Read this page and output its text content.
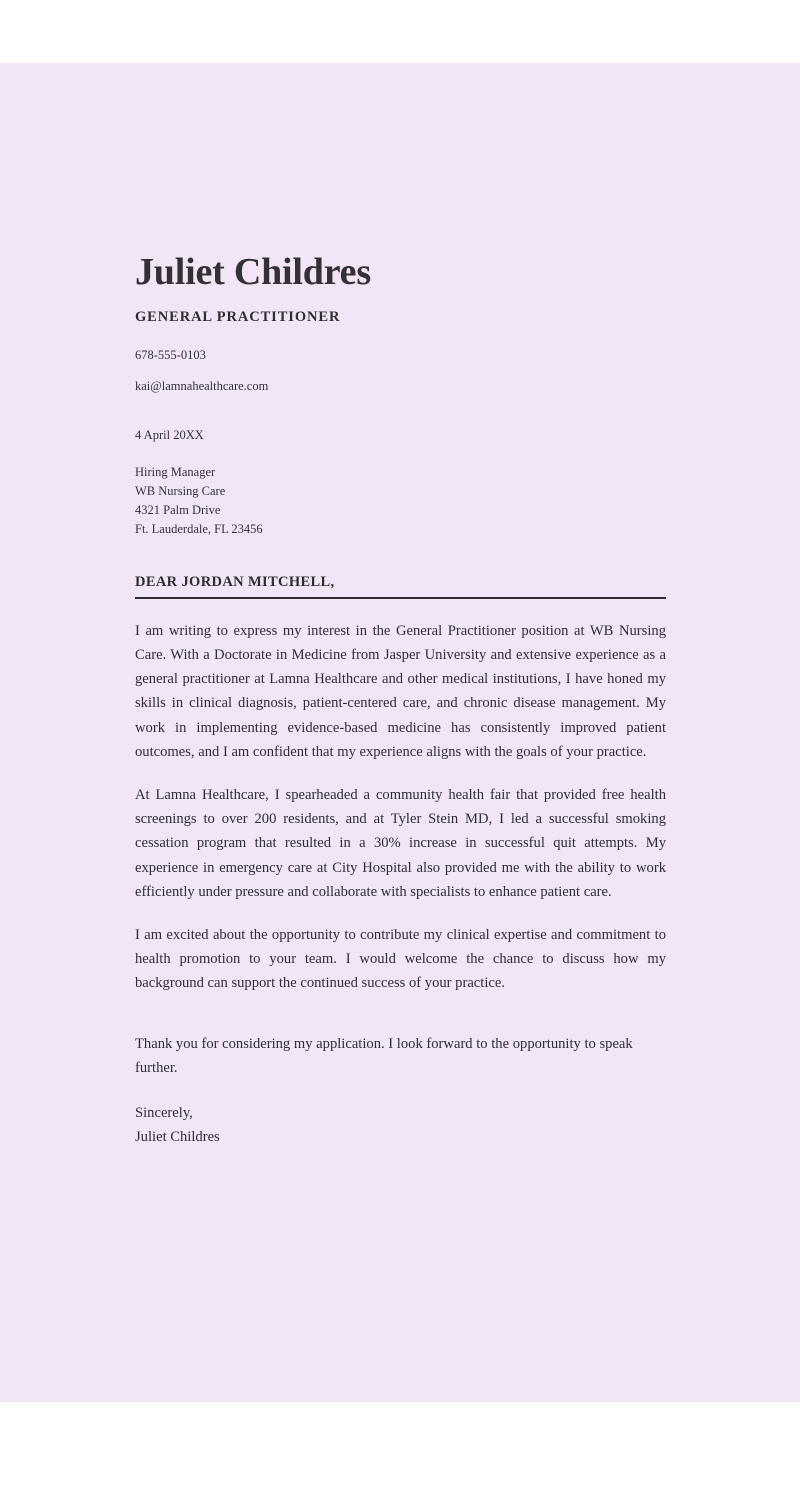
Juliet Childres
GENERAL PRACTITIONER
678-555-0103
kai@lamnahealthcare.com
4 April 20XX
Hiring Manager
WB Nursing Care
4321 Palm Drive
Ft. Lauderdale, FL 23456
DEAR JORDAN MITCHELL,

I am writing to express my interest in the General Practitioner position at WB Nursing Care. With a Doctorate in Medicine from Jasper University and extensive experience as a general practitioner at Lamna Healthcare and other medical institutions, I have honed my skills in clinical diagnosis, patient-centered care, and chronic disease management. My work in implementing evidence-based medicine has consistently improved patient outcomes, and I am confident that my experience aligns with the goals of your practice.

At Lamna Healthcare, I spearheaded a community health fair that provided free health screenings to over 200 residents, and at Tyler Stein MD, I led a successful smoking cessation program that resulted in a 30% increase in successful quit attempts. My experience in emergency care at City Hospital also provided me with the ability to work efficiently under pressure and collaborate with specialists to enhance patient care.

I am excited about the opportunity to contribute my clinical expertise and commitment to health promotion to your team. I would welcome the chance to discuss how my background can support the continued success of your practice.

Thank you for considering my application. I look forward to the opportunity to speak further.

Sincerely,
Juliet Childres
